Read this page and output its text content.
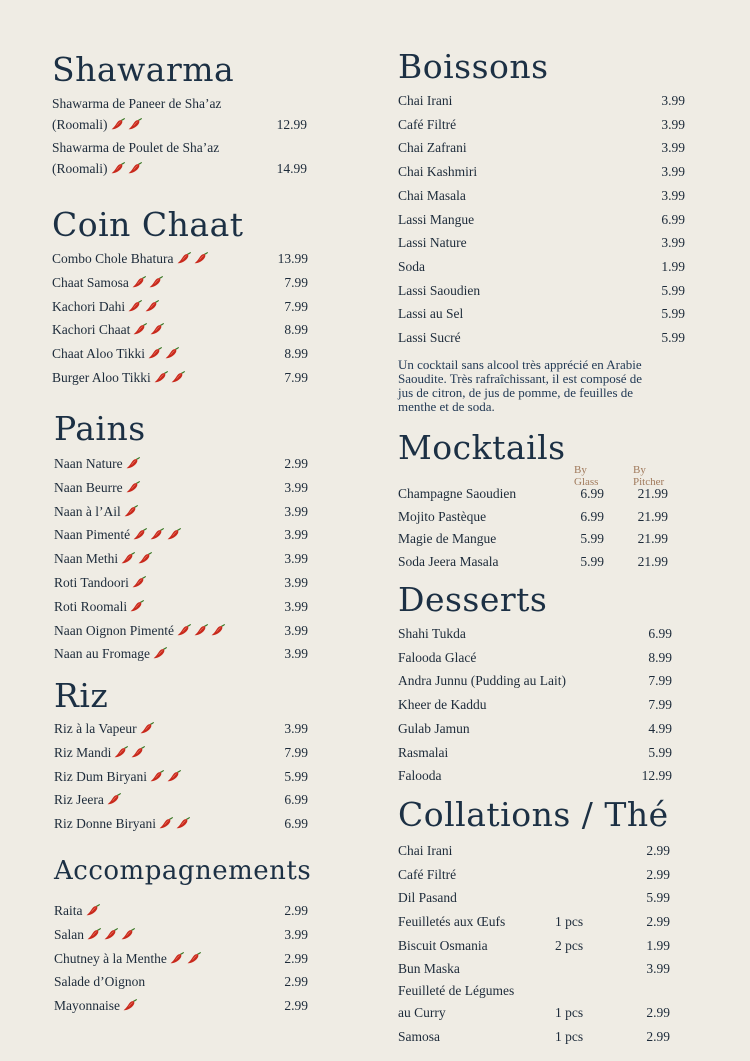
Shawarma
Shawarma de Paneer de Sha’az
(Roomali)	12.99
Shawarma de Poulet de Sha’az
(Roomali)	14.99
Coin Chaat
Combo Chole Bhatura	13.99
Chaat Samosa	7.99
Kachori Dahi	7.99
Kachori Chaat	8.99
Chaat Aloo Tikki	8.99
Burger Aloo Tikki	7.99
Pains
Naan Nature	2.99
Naan Beurre	3.99
Naan à l’Ail	3.99
Naan Pimenté	3.99
Naan Methi	3.99
Roti Tandoori	3.99
Roti Roomali	3.99
Naan Oignon Pimenté	3.99
Naan au Fromage	3.99
Riz
Riz à la Vapeur	3.99
Riz Mandi	7.99
Riz Dum Biryani	5.99
Riz Jeera	6.99
Riz Donne Biryani	6.99
Accompagnements
Raita	2.99
Salan	3.99
Chutney à la Menthe	2.99
Salade d’Oignon	2.99
Mayonnaise	2.99
Boissons
Chai Irani	3.99
Café Filtré	3.99
Chai Zafrani	3.99
Chai Kashmiri	3.99
Chai Masala	3.99
Lassi Mangue	6.99
Lassi Nature	3.99
Soda	1.99
Lassi Saoudien	5.99
Lassi au Sel	5.99
Lassi Sucré	5.99
Un cocktail sans alcool très apprécié en Arabie
Saoudite. Très rafraîchissant, il est composé de
jus de citron, de jus de pomme, de feuilles de
menthe et de soda.
Mocktails
By Glass
By Pitcher
Champagne Saoudien	6.99	21.99
Mojito Pastèque	6.99	21.99
Magie de Mangue	5.99	21.99
Soda Jeera Masala	5.99	21.99
Desserts
Shahi Tukda	6.99
Falooda Glacé	8.99
Andra Junnu (Pudding au Lait)	7.99
Kheer de Kaddu	7.99
Gulab Jamun	4.99
Rasmalai	5.99
Falooda	12.99
Collations / Thé
Chai Irani	2.99
Café Filtré	2.99
Dil Pasand	5.99
Feuilletés aux Œufs	1 pcs	2.99
Biscuit Osmania	2 pcs	1.99
Bun Maska	3.99
Feuilleté de Légumes
au Curry	1 pcs	2.99
Samosa	1 pcs	2.99
